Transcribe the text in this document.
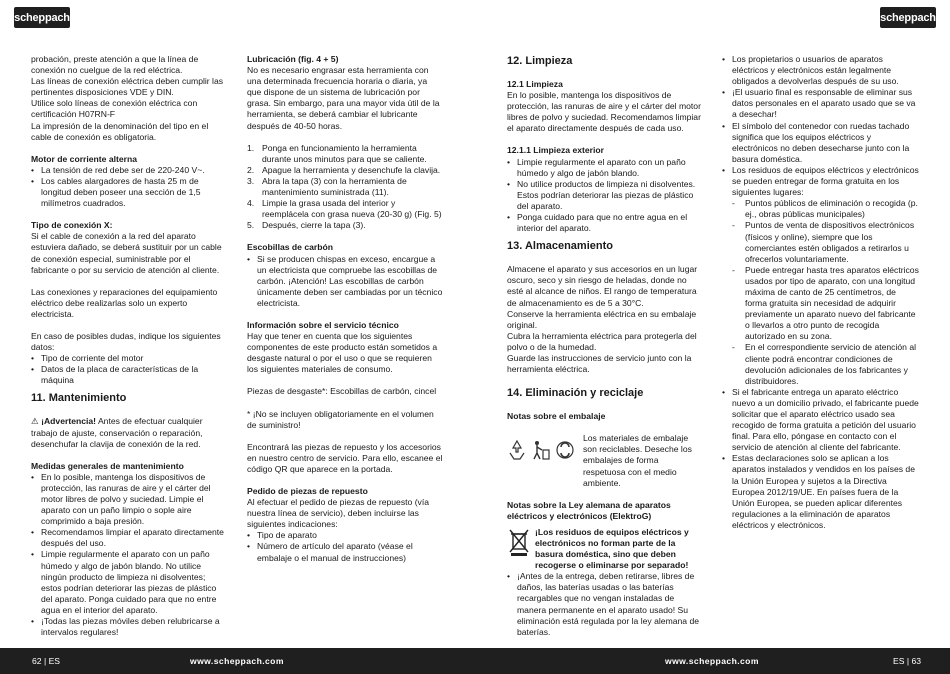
scheppach	scheppach

probación, preste atención a que la línea de conexión no cuelgue de la red eléctrica.

Las líneas de conexión eléctrica deben cumplir las pertinentes disposiciones VDE y DIN.

Utilice solo líneas de conexión eléctrica con certificación H07RN-F

La impresión de la denominación del tipo en el cable de conexión es obligatoria.

Motor de corriente alterna
• La tensión de red debe ser de 220-240 V~.
• Los cables alargadores de hasta 25 m de longitud deben poseer una sección de 1,5 milímetros cuadrados.
Tipo de conexión X:

Si el cable de conexión a la red del aparato estuviera dañado, se deberá sustituir por un cable de conexión especial, suministrable por el fabricante o por su servicio de atención al cliente.

Las conexiones y reparaciones del equipamiento eléctrico debe realizarlas solo un experto electricista.

En caso de posibles dudas, indique los siguientes datos:

• Tipo de corriente del motor
• Datos de la placa de características de la máquina
11. Mantenimiento

⚠ ¡Advertencia! Antes de efectuar cualquier trabajo de ajuste, conservación o reparación, desenchufar la clavija de conexión de la red.

Medidas generales de mantenimiento
• En lo posible, mantenga los dispositivos de protección, las ranuras de aire y el cárter del motor libres de polvo y suciedad. Limpie el aparato con un paño limpio o sople aire comprimido a baja presión.
• Recomendamos limpiar el aparato directamente después del uso.
• Limpie regularmente el aparato con un paño húmedo y algo de jabón blando. No utilice ningún producto de limpieza ni disolventes; estos podrían deteriorar las piezas de plástico del aparato. Ponga cuidado para que no entre agua en el interior del aparato.
• ¡Todas las piezas móviles deben relubricarse a intervalos regulares!
Lubricación (fig. 4 + 5)

No es necesario engrasar esta herramienta con una determinada frecuencia horaria o diaria, ya que dispone de un sistema de lubricación por grasa. Sin embargo, para una mayor vida útil de la herramienta, se deberá cambiar el lubricante después de 40-50 horas.

1. Ponga en funcionamiento la herramienta durante unos minutos para que se caliente.
2. Apague la herramienta y desenchufe la clavija.
3. Abra la tapa (3) con la herramienta de mantenimiento suministrada (11).
4. Limpie la grasa usada del interior y reemplácela con grasa nueva (20-30 g) (Fig. 5)
5. Después, cierre la tapa (3).
Escobillas de carbón
• Si se producen chispas en exceso, encargue a un electricista que compruebe las escobillas de carbón. ¡Atención! Las escobillas de carbón únicamente deben ser cambiadas por un técnico electricista.
Información sobre el servicio técnico

Hay que tener en cuenta que los siguientes componentes de este producto están sometidos a desgaste natural o por el uso o que se requieren los siguientes materiales de consumo.

Piezas de desgaste*: Escobillas de carbón, cincel

* ¡No se incluyen obligatoriamente en el volumen de suministro!

Encontrará las piezas de repuesto y los accesorios en nuestro centro de servicio. Para ello, escanee el código QR que aparece en la portada.

Pedido de piezas de repuesto

Al efectuar el pedido de piezas de repuesto (vía nuestra línea de servicio), deben incluirse las siguientes indicaciones:

• Tipo de aparato
• Número de artículo del aparato (véase el embalaje o el manual de instrucciones)
12. Limpieza
12.1 Limpieza

En lo posible, mantenga los dispositivos de protección, las ranuras de aire y el cárter del motor libres de polvo y suciedad. Recomendamos limpiar el aparato directamente después de cada uso.

12.1.1 Limpieza exterior
• Limpie regularmente el aparato con un paño húmedo y algo de jabón blando.
• No utilice productos de limpieza ni disolventes. Estos podrían deteriorar las piezas de plástico del aparato.
• Ponga cuidado para que no entre agua en el interior del aparato.
13. Almacenamiento

Almacene el aparato y sus accesorios en un lugar oscuro, seco y sin riesgo de heladas, donde no esté al alcance de niños. El rango de temperatura de almacenamiento es de 5 a 30°C.

Conserve la herramienta eléctrica en su embalaje original.

Cubra la herramienta eléctrica para protegerla del polvo o de la humedad.

Guarde las instrucciones de servicio junto con la herramienta eléctrica.

14. Eliminación y reciclaje
Notas sobre el embalaje

Los materiales de embalaje son reciclables. Deseche los embalajes de forma respetuosa con el medio ambiente.

Notas sobre la Ley alemana de aparatos eléctricos y electrónicos (ElektroG)

¡Los residuos de equipos eléctricos y electrónicos no forman parte de la basura doméstica, sino que deben recogerse o eliminarse por separado!

• ¡Antes de la entrega, deben retirarse, libres de daños, las baterías usadas o las baterías recargables que no vengan instaladas de manera permanente en el aparato usado! Su eliminación está regulada por la ley alemana de baterías.
• Los propietarios o usuarios de aparatos eléctricos y electrónicos están legalmente obligados a devolverlas después de su uso.
• ¡El usuario final es responsable de eliminar sus datos personales en el aparato usado que se va a desechar!
• El símbolo del contenedor con ruedas tachado significa que los equipos eléctricos y electrónicos no deben desecharse junto con la basura doméstica.
• Los residuos de equipos eléctricos y electrónicos se pueden entregar de forma gratuita en los siguientes lugares:
- Puntos públicos de eliminación o recogida (p. ej., obras públicas municipales)
- Puntos de venta de dispositivos electrónicos (físicos y online), siempre que los comerciantes estén obligados a retirarlos u ofrecerlos voluntariamente.
- Puede entregar hasta tres aparatos eléctricos usados por tipo de aparato, con una longitud máxima de canto de 25 centímetros, de forma gratuita sin necesidad de adquirir previamente un aparato nuevo del fabricante o llevarlos a otro punto de recogida autorizado en su zona.
- En el correspondiente servicio de atención al cliente podrá encontrar condiciones de devolución adicionales de los fabricantes y distribuidores.
• Si el fabricante entrega un aparato eléctrico nuevo a un domicilio privado, el fabricante puede solicitar que el aparato eléctrico usado sea recogido de forma gratuita a petición del usuario final. Para ello, póngase en contacto con el servicio de atención al cliente del fabricante.
• Estas declaraciones solo se aplican a los aparatos instalados y vendidos en los países de la Unión Europea y sujetos a la Directiva Europea 2012/19/UE. En países fuera de la Unión Europea, se pueden aplicar diferentes regulaciones a la eliminación de aparatos eléctricos y electrónicos.
62 | ES	www.scheppach.com	www.scheppach.com	ES | 63
